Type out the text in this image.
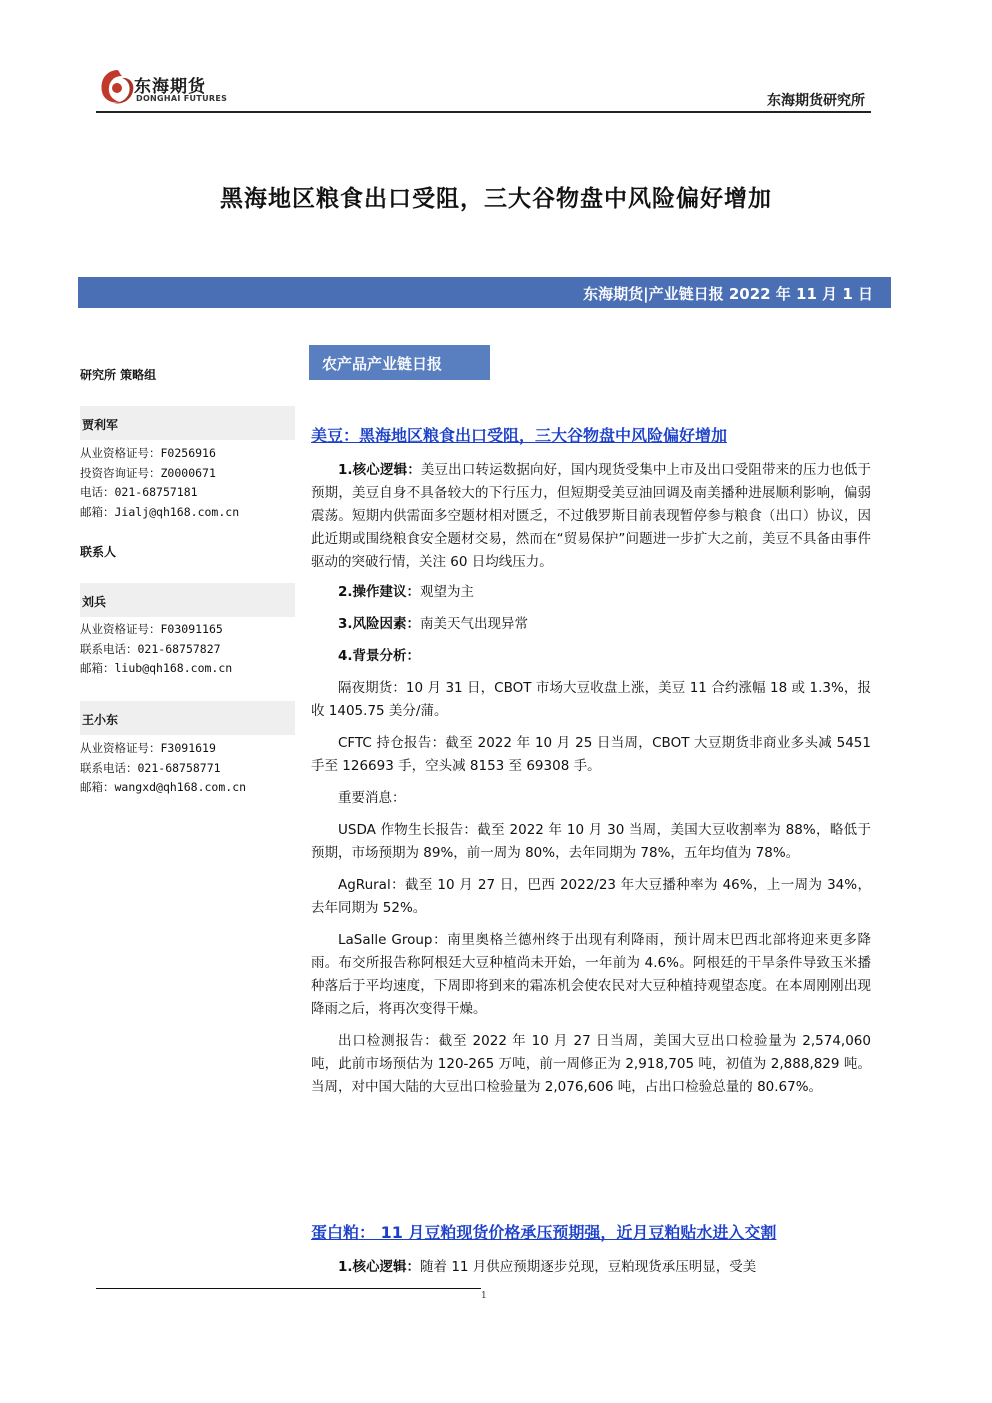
东海期货
DONGHAI FUTURES	东海期货研究所
黑海地区粮食出口受阻，三大谷物盘中风险偏好增加
东海期货|产业链日报 2022 年 11 月 1 日
研究所 策略组
贾利军
从业资格证号：F0256916
投资咨询证号：Z0000671
电话：021-68757181
邮箱：Jialj@qh168.com.cn
联系人
刘兵
从业资格证号：F03091165
联系电话：021-68757827
邮箱：liub@qh168.com.cn
王小东
从业资格证号：F3091619
联系电话：021-68758771
邮箱：wangxd@qh168.com.cn
农产品产业链日报
美豆：黑海地区粮食出口受阻，三大谷物盘中风险偏好增加

1.核心逻辑：美豆出口转运数据向好，国内现货受集中上市及出口受阻带来的压力也低于预期，美豆自身不具备较大的下行压力，但短期受美豆油回调及南美播种进展顺利影响，偏弱震荡。短期内供需面多空题材相对匮乏，不过俄罗斯目前表现暂停参与粮食（出口）协议，因此近期或围绕粮食安全题材交易，然而在“贸易保护”问题进一步扩大之前，美豆不具备由事件驱动的突破行情，关注 60 日均线压力。

2.操作建议：观望为主

3.风险因素：南美天气出现异常

4.背景分析：

隔夜期货：10 月 31 日，CBOT 市场大豆收盘上涨，美豆 11 合约涨幅 18 或 1.3%，报收 1405.75 美分/蒲。

CFTC 持仓报告：截至 2022 年 10 月 25 日当周，CBOT 大豆期货非商业多头减 5451 手至 126693 手，空头减 8153 至 69308 手。

重要消息：

USDA 作物生长报告：截至 2022 年 10 月 30 当周，美国大豆收割率为 88%，略低于预期，市场预期为 89%，前一周为 80%，去年同期为 78%，五年均值为 78%。

AgRural：截至 10 月 27 日，巴西 2022/23 年大豆播种率为 46%，上一周为 34%，去年同期为 52%。

LaSalle Group：南里奥格兰德州终于出现有利降雨，预计周末巴西北部将迎来更多降雨。布交所报告称阿根廷大豆种植尚未开始，一年前为 4.6%。阿根廷的干旱条件导致玉米播种落后于平均速度，下周即将到来的霜冻机会使农民对大豆种植持观望态度。在本周刚刚出现降雨之后，将再次变得干燥。

出口检测报告：截至 2022 年 10 月 27 日当周，美国大豆出口检验量为 2,574,060 吨，此前市场预估为 120-265 万吨，前一周修正为 2,918,705 吨，初值为 2,888,829 吨。当周，对中国大陆的大豆出口检验量为 2,076,606 吨，占出口检验总量的 80.67%。

蛋白粕： 11 月豆粕现货价格承压预期强，近月豆粕贴水进入交割

1.核心逻辑：随着 11 月供应预期逐步兑现，豆粕现货承压明显，受美

1
